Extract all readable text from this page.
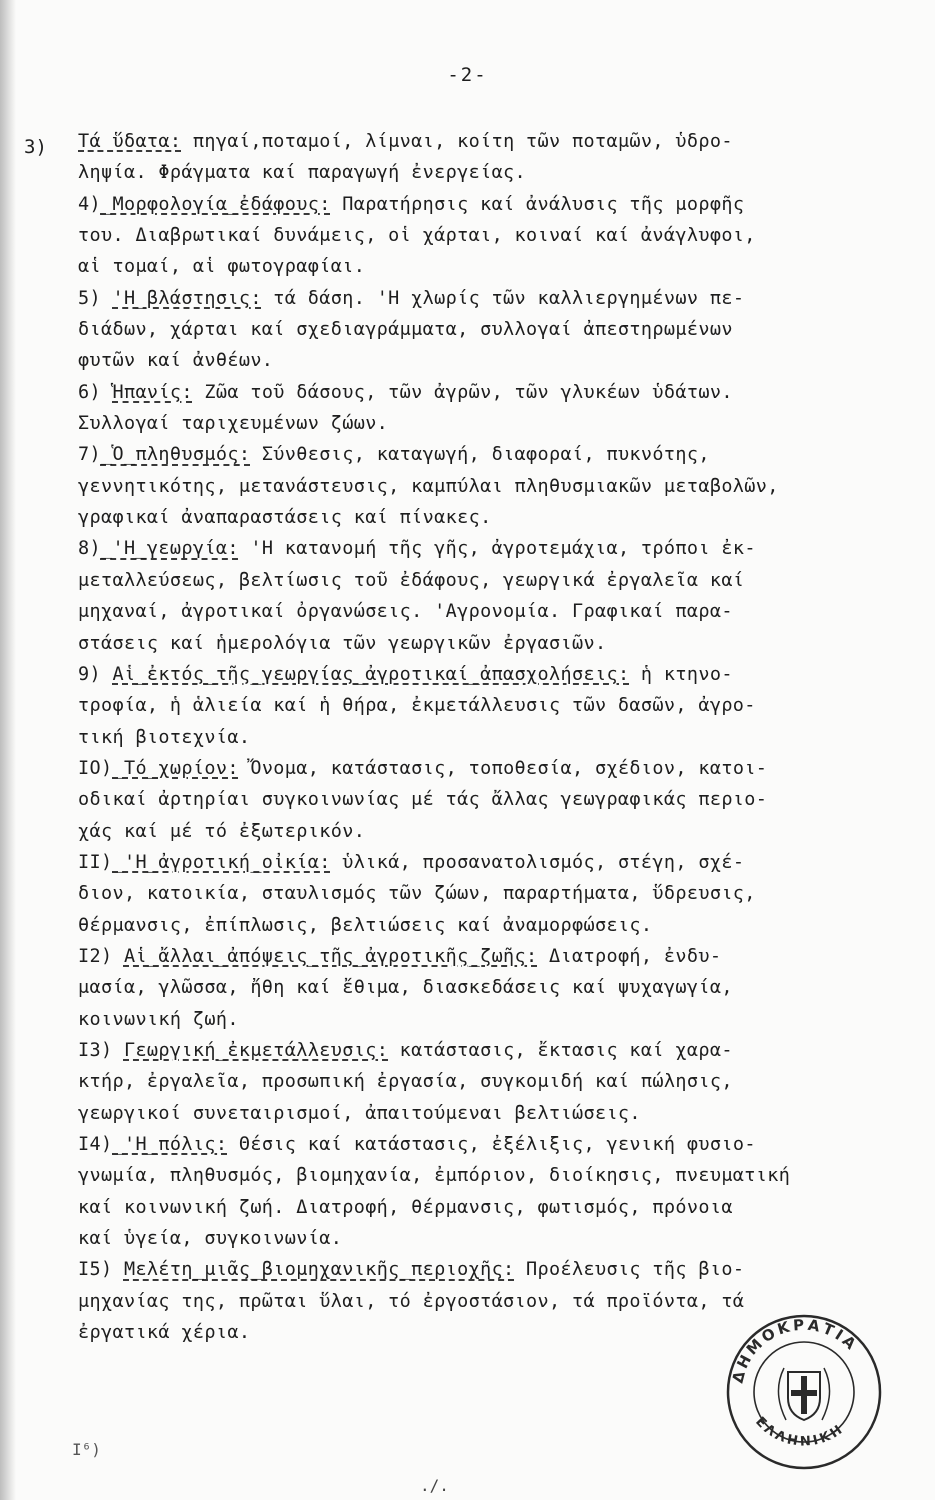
-2-
3) Τά ὕδατα: πηγαί,ποταμοί, λίμναι, κοίτη τῶν ποταμῶν, ὑδρο-
ληψία. Φράγματα καί παραγωγή ἐνεργείας.

4)_Μορφολογία_ἐδάφους: Παρατήρησις καί ἀνάλυσις τῆς μορφῆς
του. Διαβρωτικαί δυνάμεις, οἱ χάρται, κοιναί καί ἀνάγλυφοι,
αἱ τομαί, αἱ φωτογραφίαι.

5) 'Η_βλάστησις: τά δάση. 'Η χλωρίς τῶν καλλιεργημένων πε-
διάδων, χάρται καί σχεδιαγράμματα, συλλογαί ἀπεστηρωμένων
φυτῶν καί ἀνθέων.

6) Ἡπανίς: Ζῶα τοῦ δάσους, τῶν ἀγρῶν, τῶν γλυκέων ὑδάτων.
Συλλογαί ταριχευμένων ζώων.

7)_Ὁ_πληθυσμός: Σύνθεσις, καταγωγή, διαφοραί, πυκνότης,
γεννητικότης, μετανάστευσις, καμπύλαι πληθυσμιακῶν μεταβολῶν,
γραφικαί ἀναπαραστάσεις καί πίνακες.

8)_'Η_γεωργία: 'Η κατανομή τῆς γῆς, ἀγροτεμάχια, τρόποι ἐκ-
μεταλλεύσεως, βελτίωσις τοῦ ἐδάφους, γεωργικά ἐργαλεῖα καί
μηχαναί, ἀγροτικαί ὀργανώσεις. 'Αγρονομία. Γραφικαί παρα-
στάσεις καί ἡμερολόγια τῶν γεωργικῶν ἐργασιῶν.

9) Αἱ_ἐκτός_τῆς_γεωργίας_ἀγροτικαί_ἀπασχολήσεις: ἡ κτηνο-
τροφία, ἡ ἁλιεία καί ἡ θήρα, ἐκμετάλλευσις τῶν δασῶν, ἀγρο-
τική βιοτεχνία.

ΙΟ)_Τό_χωρίον: Ὄνομα, κατάστασις, τοποθεσία, σχέδιον, κατοι-
οδικαί ἀρτηρίαι συγκοινωνίας μέ τάς ἄλλας γεωγραφικάς περιο-
χάς καί μέ τό ἐξωτερικόν.

ΙΙ)_'Η_ἀγροτική_οἰκία: ὑλικά, προσανατολισμός, στέγη, σχέ-
διον, κατοικία, σταυλισμός τῶν ζώων, παραρτήματα, ὕδρευσις,
θέρμανσις, ἐπίπλωσις, βελτιώσεις καί ἀναμορφώσεις.

Ι2) Αἱ_ἄλλαι_ἀπόψεις_τῆς_ἀγροτικῆς_ζωῆς: Διατροφή, ἐνδυ-
μασία, γλῶσσα, ἤθη καί ἔθιμα, διασκεδάσεις καί ψυχαγωγία,
κοινωνική ζωή.

Ι3) Γεωργική_ἐκμετάλλευσις: κατάστασις, ἔκτασις καί χαρα-
κτήρ, ἐργαλεῖα, προσωπική ἐργασία, συγκομιδή καί πώλησις,
γεωργικοί συνεταιρισμοί, ἀπαιτούμεναι βελτιώσεις.

Ι4)_'Η_πόλις: Θέσις καί κατάστασις, ἐξέλιξις, γενική φυσιο-
γνωμία, πληθυσμός, βιομηχανία, ἐμπόριον, διοίκησις, πνευματική
καί κοινωνική ζωή. Διατροφή, θέρμανσις, φωτισμός, πρόνοια
καί ὑγεία, συγκοινωνία.

Ι5) Μελέτη_μιᾶς_βιομηχανικῆς_περιοχῆς: Προέλευσις τῆς βιο-
μηχανίας της, πρῶται ὕλαι, τό ἐργοστάσιον, τά προϊόντα, τά
ἐργατικά χέρια.

ΔΗΜΟΚΡΑΤΙΑ
ΕΛΛΗΝΙΚΗ
Ι⁶)
./.
